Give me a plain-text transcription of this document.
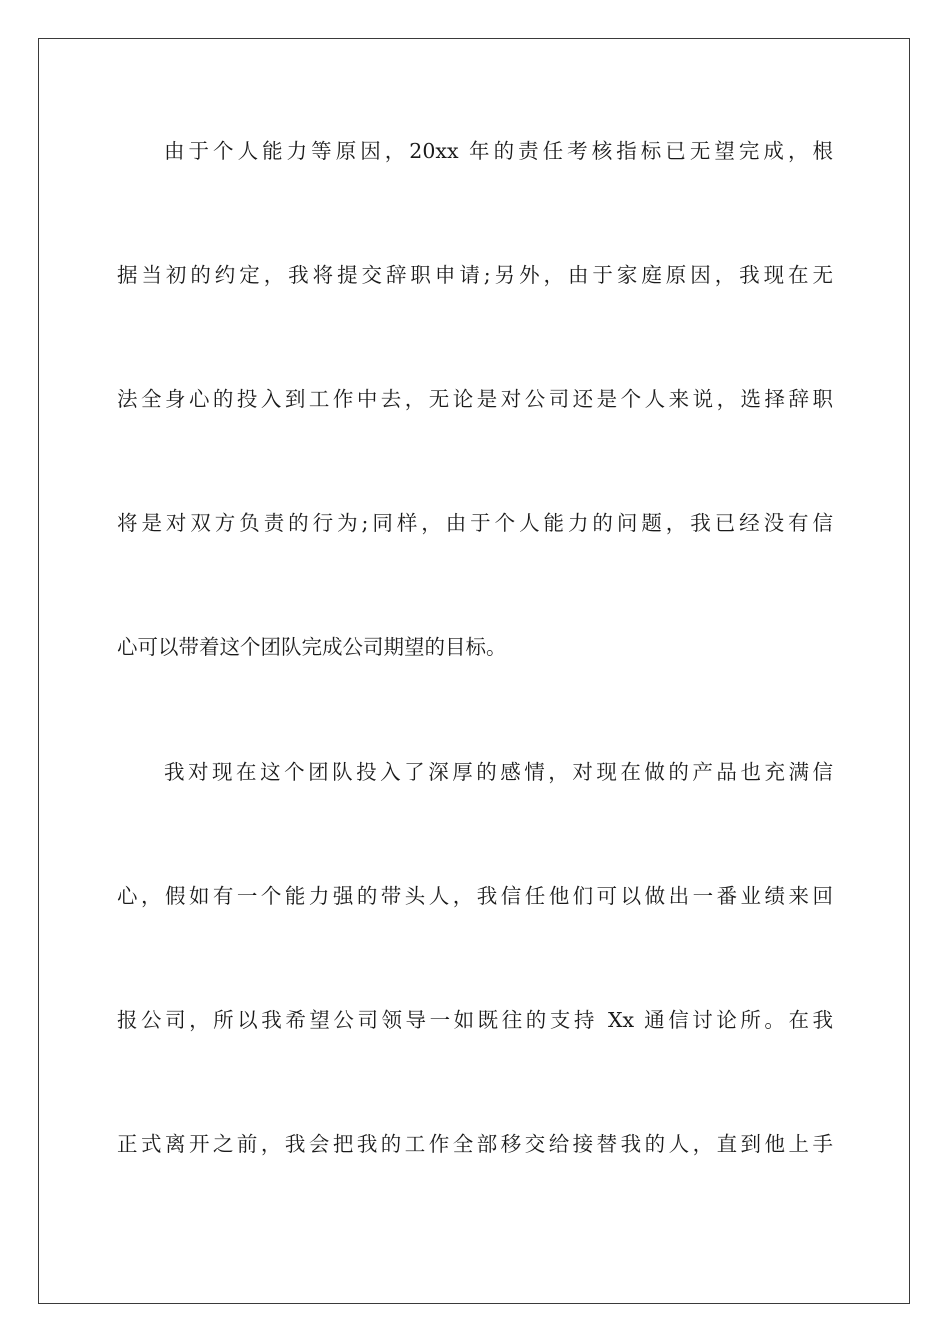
由于个人能力等原因，20xx 年的责任考核指标已无望完成，根
据当初的约定，我将提交辞职申请;另外，由于家庭原因，我现在无
法全身心的投入到工作中去，无论是对公司还是个人来说，选择辞职
将是对双方负责的行为;同样，由于个人能力的问题，我已经没有信
心可以带着这个团队完成公司期望的目标。
我对现在这个团队投入了深厚的感情，对现在做的产品也充满信
心，假如有一个能力强的带头人，我信任他们可以做出一番业绩来回
报公司，所以我希望公司领导一如既往的支持 Xx 通信讨论所。在我
正式离开之前，我会把我的工作全部移交给接替我的人，直到他上手
